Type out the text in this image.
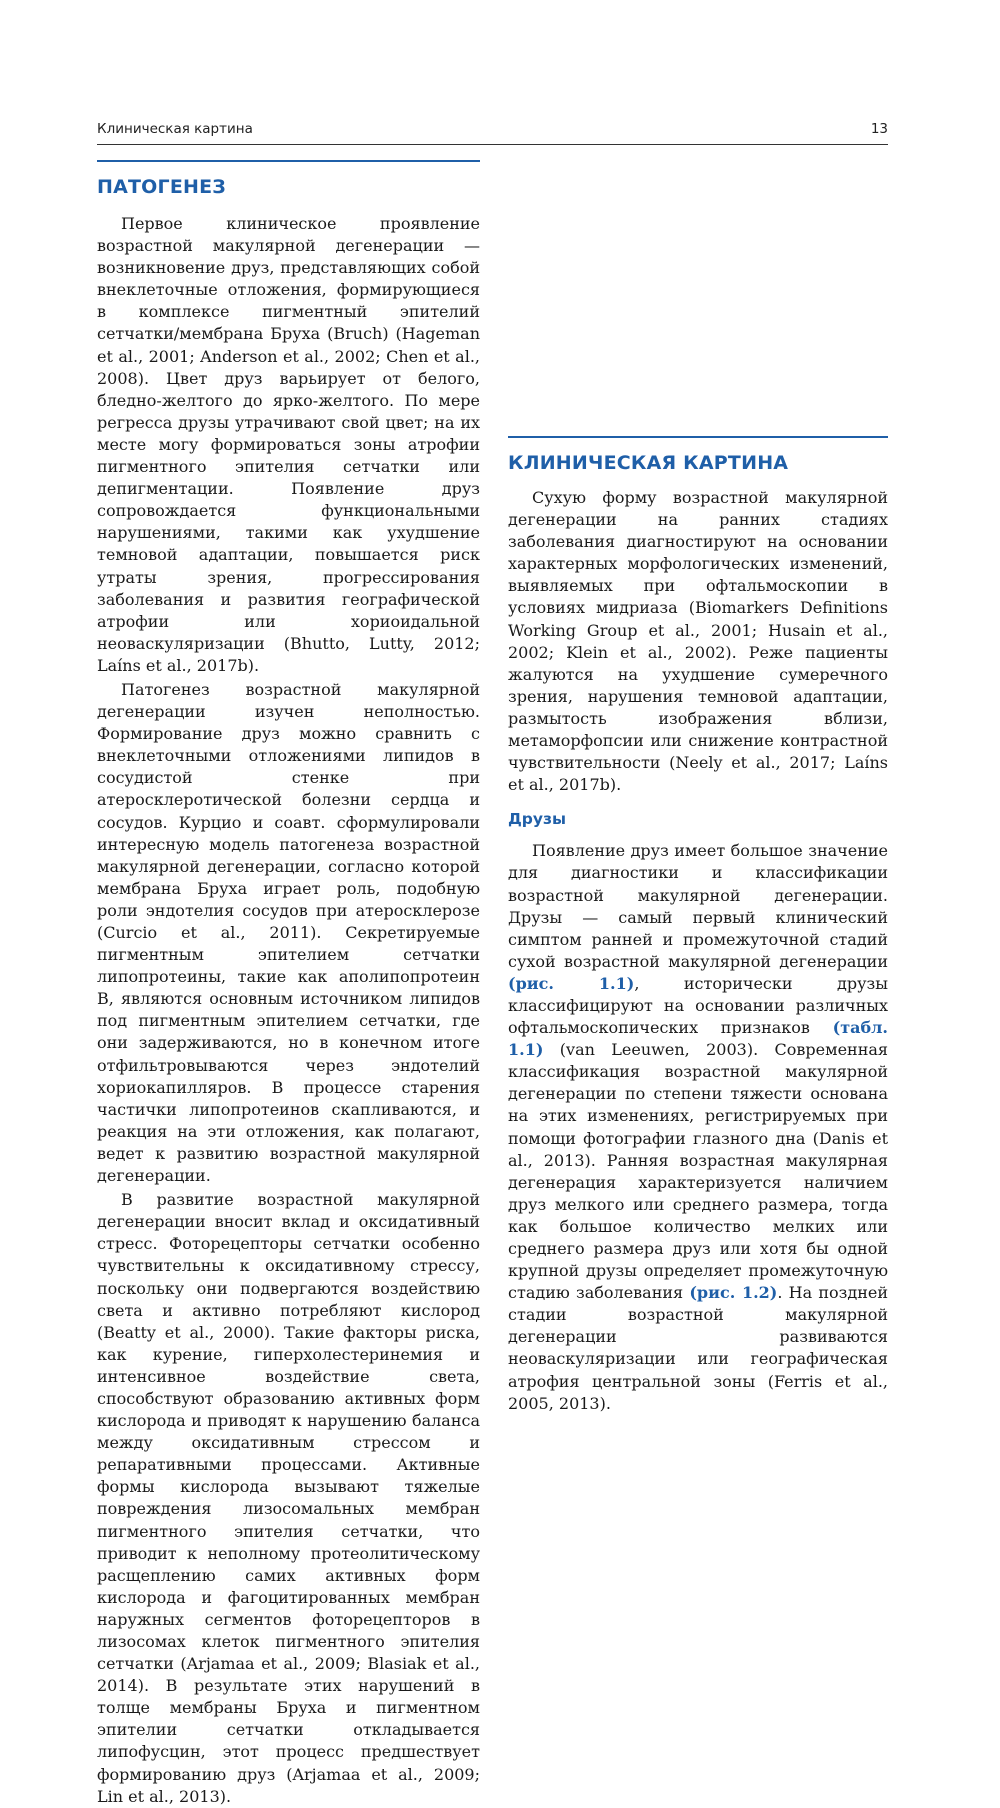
Клиническая картина	13
ПАТОГЕНЕЗ

Первое клиническое проявление возрастной макулярной дегенерации — возникновение друз, представляющих собой внеклеточные отложения, формирующиеся в комплексе пигментный эпителий сетчатки/мембрана Бруха (Bruch) (Hageman et al., 2001; Anderson et al., 2002; Chen et al., 2008). Цвет друз варьирует от белого, бледно-желтого до ярко-желтого. По мере регресса друзы утрачивают свой цвет; на их месте могу формироваться зоны атрофии пигментного эпителия сетчатки или депигментации. Появление друз сопровождается функциональными нарушениями, такими как ухудшение темновой адаптации, повышается риск утраты зрения, прогрессирования заболевания и развития географической атрофии или хориоидальной неоваскуляризации (Bhutto, Lutty, 2012; Laíns et al., 2017b).

Патогенез возрастной макулярной дегенерации изучен неполностью. Формирование друз можно сравнить с внеклеточными отложениями липидов в сосудистой стенке при атеросклеротической болезни сердца и сосудов. Курцио и соавт. сформулировали интересную модель патогенеза возрастной макулярной дегенерации, согласно которой мембрана Бруха играет роль, подобную роли эндотелия сосудов при атеросклерозе (Curcio et al., 2011). Секретируемые пигментным эпителием сетчатки липопротеины, такие как аполипопротеин B, являются основным источником липидов под пигментным эпителием сетчатки, где они задерживаются, но в конечном итоге отфильтровываются через эндотелий хориокапилляров. В процессе старения частички липопротеинов скапливаются, и реакция на эти отложения, как полагают, ведет к развитию возрастной макулярной дегенерации.

В развитие возрастной макулярной дегенерации вносит вклад и оксидативный стресс. Фоторецепторы сетчатки особенно чувствительны к оксидативному стрессу, поскольку они подвергаются воздействию света и активно потребляют кислород (Beatty et al., 2000). Такие факторы риска, как курение, гиперхолестеринемия и интенсивное воздействие света, способствуют образованию активных форм кислорода и приводят к нарушению баланса между оксидативным стрессом и репаративными процессами. Активные формы кислорода вызывают тяжелые повреждения лизосомальных мембран пигментного эпителия сетчатки, что приводит к неполному протеолитическому расщеплению самих активных форм кислорода и фагоцитированных мембран наружных сегментов фоторецепторов в лизосомах клеток пигментного эпителия сетчатки (Arjamaa et al., 2009; Blasiak et al., 2014). В результате этих нарушений в толще мембраны Бруха и пигментном эпителии сетчатки откладывается липофусцин, этот процесс предшествует формированию друз (Arjamaa et al., 2009; Lin et al., 2013).

КЛИНИЧЕСКАЯ КАРТИНА

Сухую форму возрастной макулярной дегенерации на ранних стадиях заболевания диагностируют на основании характерных морфологических изменений, выявляемых при офтальмоскопии в условиях мидриаза (Biomarkers Definitions Working Group et al., 2001; Husain et al., 2002; Klein et al., 2002). Реже пациенты жалуются на ухудшение сумеречного зрения, нарушения темновой адаптации, размытость изображения вблизи, метаморфопсии или снижение контрастной чувствительности (Neely et al., 2017; Laíns et al., 2017b).

Друзы

Появление друз имеет большое значение для диагностики и классификации возрастной макулярной дегенерации. Друзы — самый первый клинический симптом ранней и промежуточной стадий сухой возрастной макулярной дегенерации (рис. 1.1), исторически друзы классифицируют на основании различных офтальмоскопических признаков (табл. 1.1) (van Leeuwen, 2003). Современная классификация возрастной макулярной дегенерации по степени тяжести основана на этих изменениях, регистрируемых при помощи фотографии глазного дна (Danis et al., 2013). Ранняя возрастная макулярная дегенерация характеризуется наличием друз мелкого или среднего размера, тогда как большое количество мелких или среднего размера друз или хотя бы одной крупной друзы определяет промежуточную стадию заболевания (рис. 1.2). На поздней стадии возрастной макулярной дегенерации развиваются неоваскуляризации или географическая атрофия центральной зоны (Ferris et al., 2005, 2013).
